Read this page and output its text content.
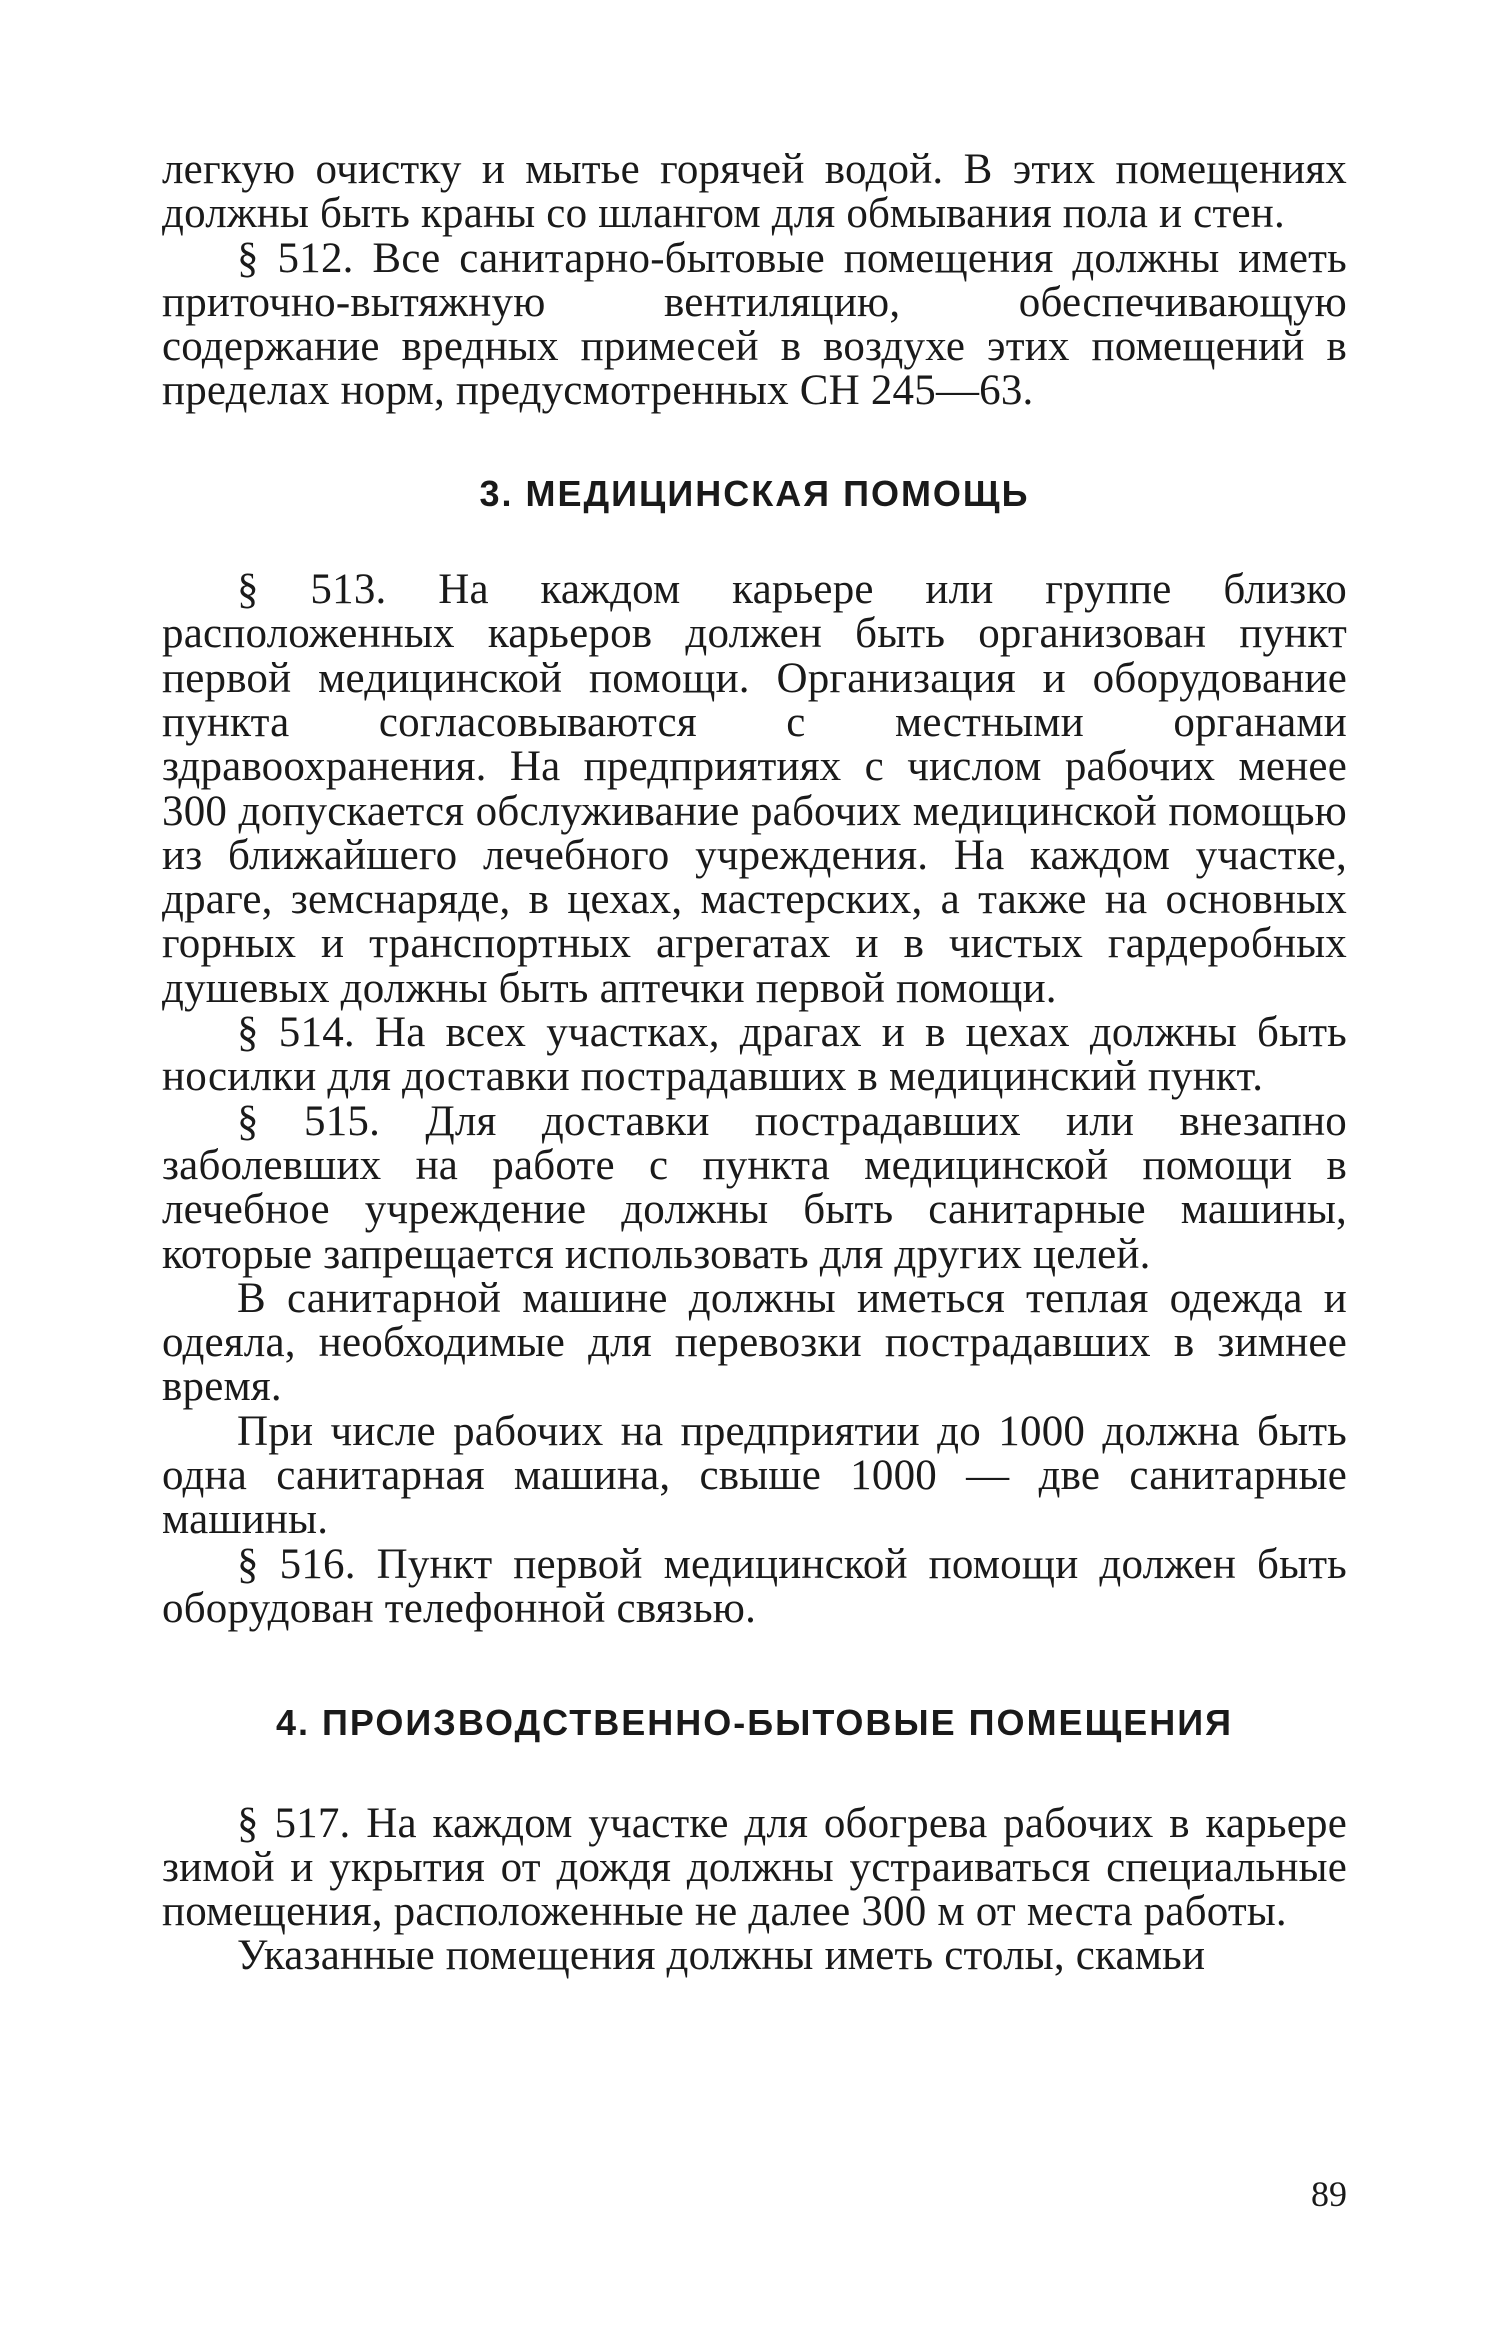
легкую очистку и мытье горячей водой. В этих помещениях должны быть краны со шлангом для обмывания пола и стен.

§ 512. Все санитарно-бытовые помещения должны иметь приточно-вытяжную вентиляцию, обеспечивающую содержание вредных примесей в воздухе этих помещений в пределах норм, предусмотренных СН 245—63.

3. МЕДИЦИНСКАЯ ПОМОЩЬ

§ 513. На каждом карьере или группе близко расположенных карьеров должен быть организован пункт первой медицинской помощи. Организация и оборудование пункта согласовываются с местными органами здравоохранения. На предприятиях с числом рабочих менее 300 допускается обслуживание рабочих медицинской помощью из ближайшего лечебного учреждения. На каждом участке, драге, земснаряде, в цехах, мастерских, а также на основных горных и транспортных агрегатах и в чистых гардеробных душевых должны быть аптечки первой помощи.

§ 514. На всех участках, драгах и в цехах должны быть носилки для доставки пострадавших в медицинский пункт.

§ 515. Для доставки пострадавших или внезапно заболевших на работе с пункта медицинской помощи в лечебное учреждение должны быть санитарные машины, которые запрещается использовать для других целей.

В санитарной машине должны иметься теплая одежда и одеяла, необходимые для перевозки пострадавших в зимнее время.

При числе рабочих на предприятии до 1000 должна быть одна санитарная машина, свыше 1000 — две санитарные машины.

§ 516. Пункт первой медицинской помощи должен быть оборудован телефонной связью.

4. ПРОИЗВОДСТВЕННО-БЫТОВЫЕ ПОМЕЩЕНИЯ

§ 517. На каждом участке для обогрева рабочих в карьере зимой и укрытия от дождя должны устраиваться специальные помещения, расположенные не далее 300 м от места работы.

Указанные помещения должны иметь столы, скамьи

89
